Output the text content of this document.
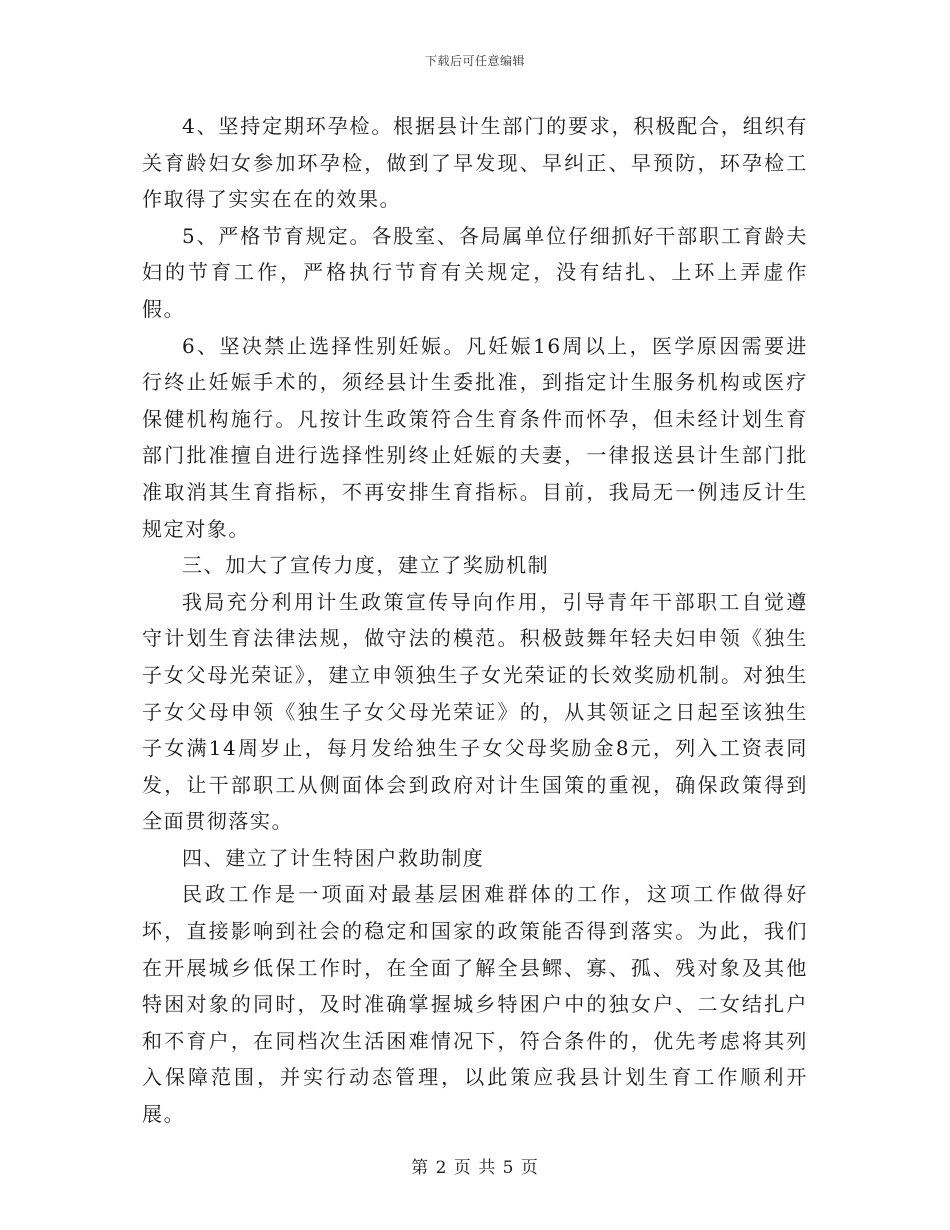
下载后可任意编辑

4、坚持定期环孕检。根据县计生部门的要求，积极配合，组织有关育龄妇女参加环孕检，做到了早发现、早纠正、早预防，环孕检工作取得了实实在在的效果。

5、严格节育规定。各股室、各局属单位仔细抓好干部职工育龄夫妇的节育工作，严格执行节育有关规定，没有结扎、上环上弄虚作假。

6、坚决禁止选择性别妊娠。凡妊娠16周以上，医学原因需要进行终止妊娠手术的，须经县计生委批准，到指定计生服务机构或医疗保健机构施行。凡按计生政策符合生育条件而怀孕，但未经计划生育部门批准擅自进行选择性别终止妊娠的夫妻，一律报送县计生部门批准取消其生育指标，不再安排生育指标。目前，我局无一例违反计生规定对象。

三、加大了宣传力度，建立了奖励机制

我局充分利用计生政策宣传导向作用，引导青年干部职工自觉遵守计划生育法律法规，做守法的模范。积极鼓舞年轻夫妇申领《独生子女父母光荣证》，建立申领独生子女光荣证的长效奖励机制。对独生子女父母申领《独生子女父母光荣证》的，从其领证之日起至该独生子女满14周岁止，每月发给独生子女父母奖励金8元，列入工资表同发，让干部职工从侧面体会到政府对计生国策的重视，确保政策得到全面贯彻落实。

四、建立了计生特困户救助制度

民政工作是一项面对最基层困难群体的工作，这项工作做得好坏，直接影响到社会的稳定和国家的政策能否得到落实。为此，我们在开展城乡低保工作时，在全面了解全县鳏、寡、孤、残对象及其他特困对象的同时，及时准确掌握城乡特困户中的独女户、二女结扎户和不育户，在同档次生活困难情况下，符合条件的，优先考虑将其列入保障范围，并实行动态管理，以此策应我县计划生育工作顺利开展。

第 2 页 共 5 页
